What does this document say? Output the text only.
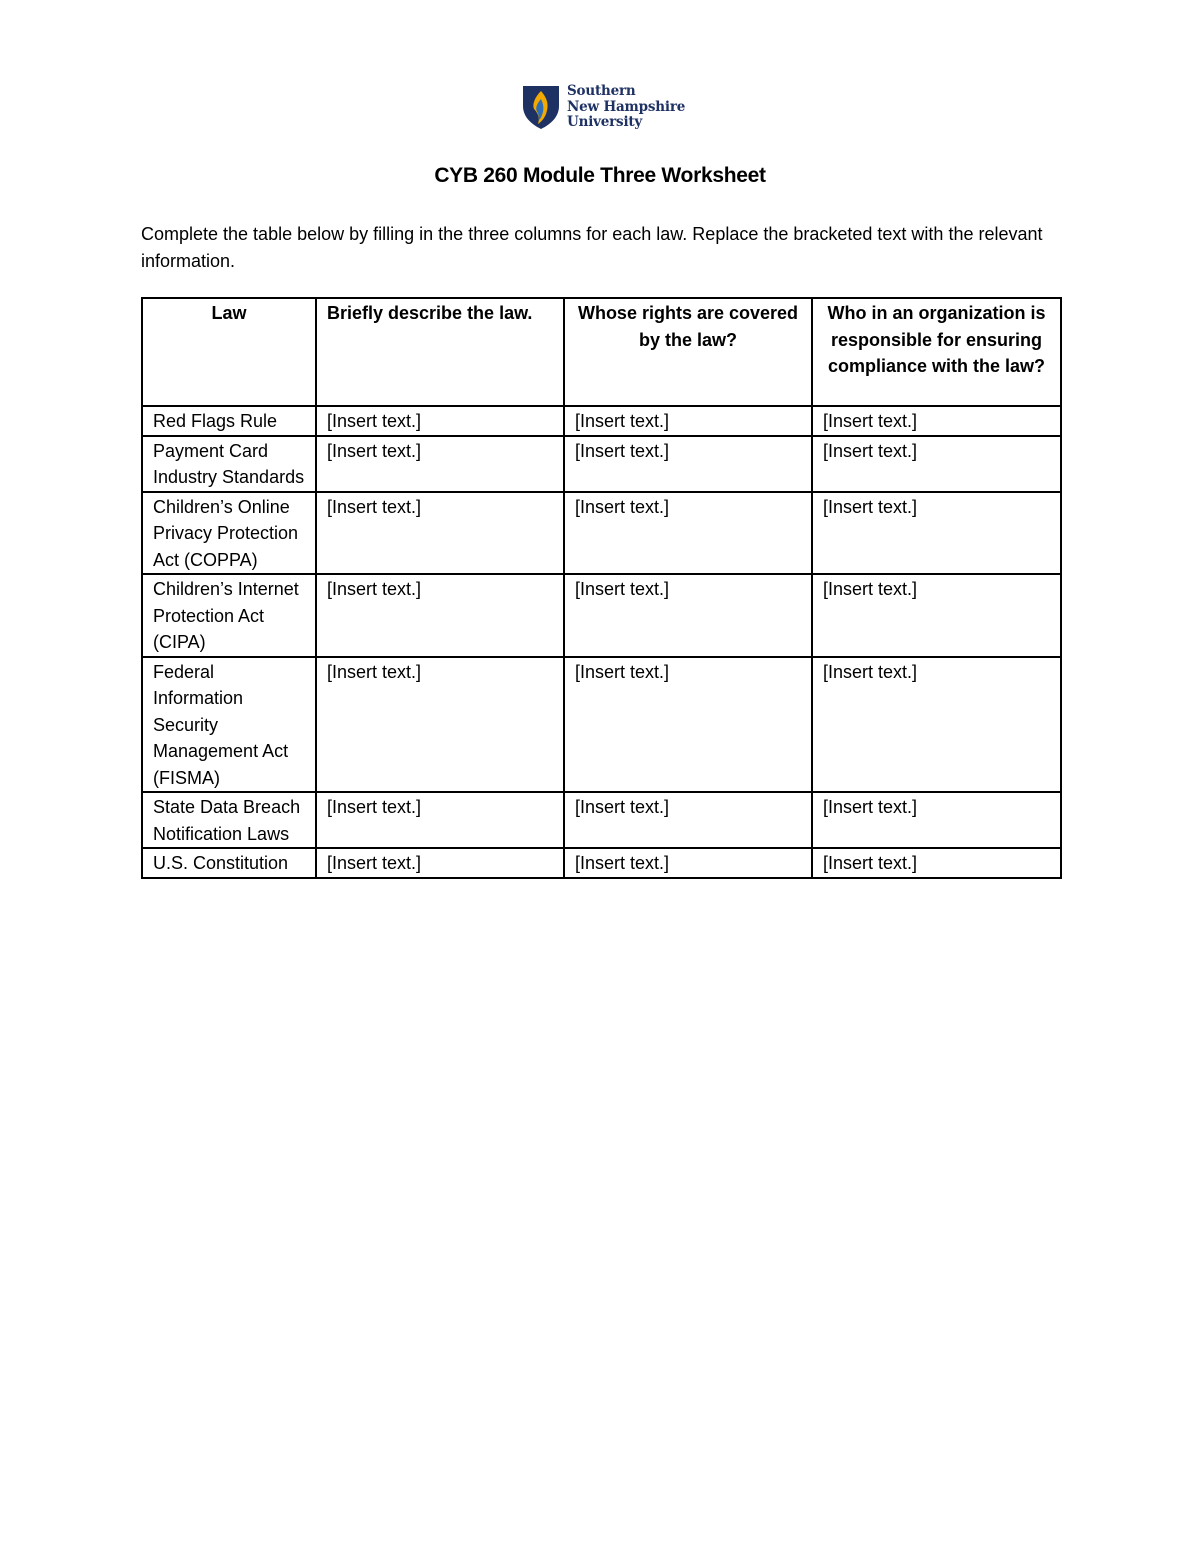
Southern
New Hampshire
University
CYB 260 Module Three Worksheet
Complete the table below by filling in the three columns for each law. Replace the bracketed text with the relevant information.
Law	Briefly describe the law.	Whose rights are covered by the law?	Who in an organization is responsible for ensuring compliance with the law?
Red Flags Rule	[Insert text.]	[Insert text.]	[Insert text.]
Payment Card Industry Standards	[Insert text.]	[Insert text.]	[Insert text.]
Children’s Online Privacy Protection Act (COPPA)	[Insert text.]	[Insert text.]	[Insert text.]
Children’s Internet Protection Act (CIPA)	[Insert text.]	[Insert text.]	[Insert text.]
Federal Information Security Management Act (FISMA)	[Insert text.]	[Insert text.]	[Insert text.]
State Data Breach Notification Laws	[Insert text.]	[Insert text.]	[Insert text.]
U.S. Constitution	[Insert text.]	[Insert text.]	[Insert text.]
